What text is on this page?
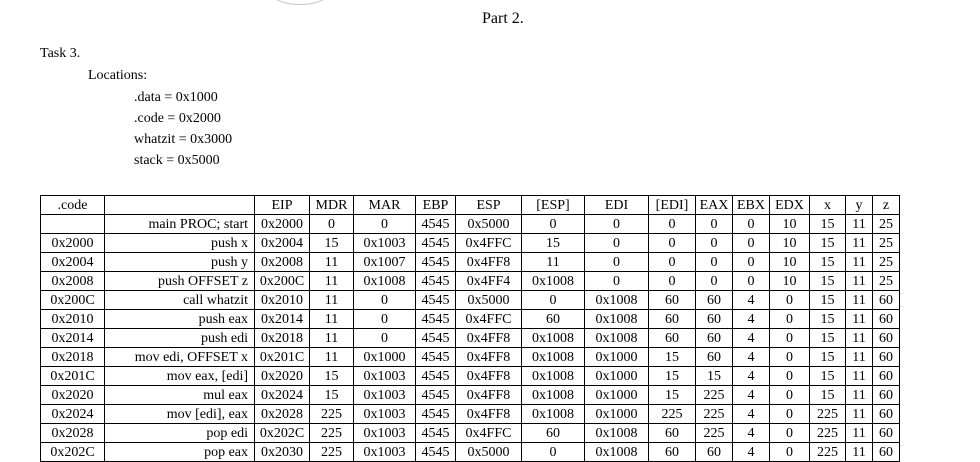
Part 2.
Task 3.
Locations:
.data = 0x1000
.code = 0x2000
whatzit = 0x3000
stack = 0x5000
.code		EIP	MDR	MAR	EBP	ESP	[ESP]	EDI	[EDI]	EAX	EBX	EDX	x	y	z
	main PROC; start	0x2000	0	0	4545	0x5000	0	0	0	0	0	10	15	11	25
0x2000	push x	0x2004	15	0x1003	4545	0x4FFC	15	0	0	0	0	10	15	11	25
0x2004	push y	0x2008	11	0x1007	4545	0x4FF8	11	0	0	0	0	10	15	11	25
0x2008	push OFFSET z	0x200C	11	0x1008	4545	0x4FF4	0x1008	0	0	0	0	10	15	11	25
0x200C	call whatzit	0x2010	11	0	4545	0x5000	0	0x1008	60	60	4	0	15	11	60
0x2010	push eax	0x2014	11	0	4545	0x4FFC	60	0x1008	60	60	4	0	15	11	60
0x2014	push edi	0x2018	11	0	4545	0x4FF8	0x1008	0x1008	60	60	4	0	15	11	60
0x2018	mov edi, OFFSET x	0x201C	11	0x1000	4545	0x4FF8	0x1008	0x1000	15	60	4	0	15	11	60
0x201C	mov eax, [edi]	0x2020	15	0x1003	4545	0x4FF8	0x1008	0x1000	15	15	4	0	15	11	60
0x2020	mul eax	0x2024	15	0x1003	4545	0x4FF8	0x1008	0x1000	15	225	4	0	15	11	60
0x2024	mov [edi], eax	0x2028	225	0x1003	4545	0x4FF8	0x1008	0x1000	225	225	4	0	225	11	60
0x2028	pop edi	0x202C	225	0x1003	4545	0x4FFC	60	0x1008	60	225	4	0	225	11	60
0x202C	pop eax	0x2030	225	0x1003	4545	0x5000	0	0x1008	60	60	4	0	225	11	60
